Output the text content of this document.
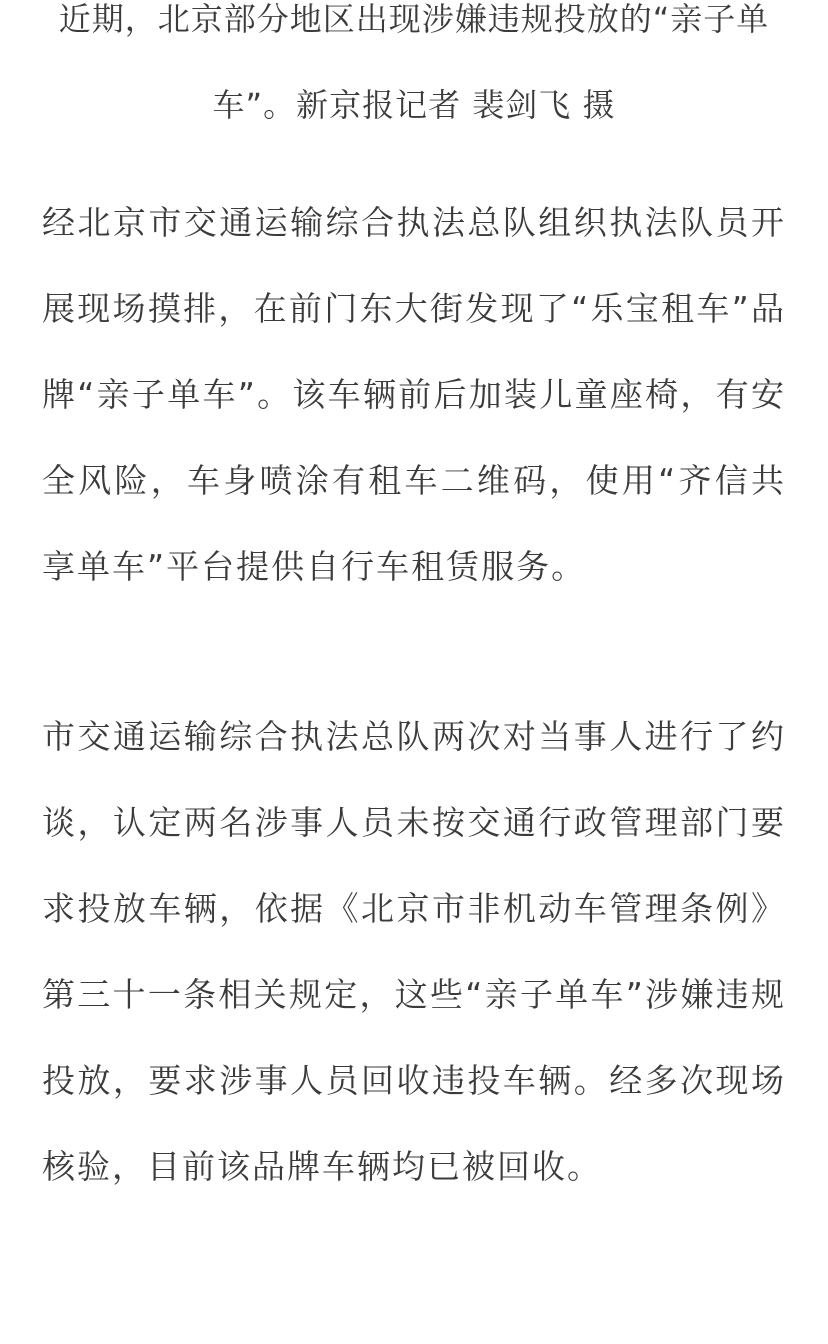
近期，北京部分地区出现涉嫌违规投放的“亲子单车”。新京报记者 裴剑飞 摄

经北京市交通运输综合执法总队组织执法队员开展现场摸排，在前门东大街发现了“乐宝租车”品牌“亲子单车”。该车辆前后加装儿童座椅，有安全风险，车身喷涂有租车二维码，使用“齐信共享单车”平台提供自行车租赁服务。

市交通运输综合执法总队两次对当事人进行了约谈，认定两名涉事人员未按交通行政管理部门要求投放车辆，依据《北京市非机动车管理条例》第三十一条相关规定，这些“亲子单车”涉嫌违规投放，要求涉事人员回收违投车辆。经多次现场核验，目前该品牌车辆均已被回收。
